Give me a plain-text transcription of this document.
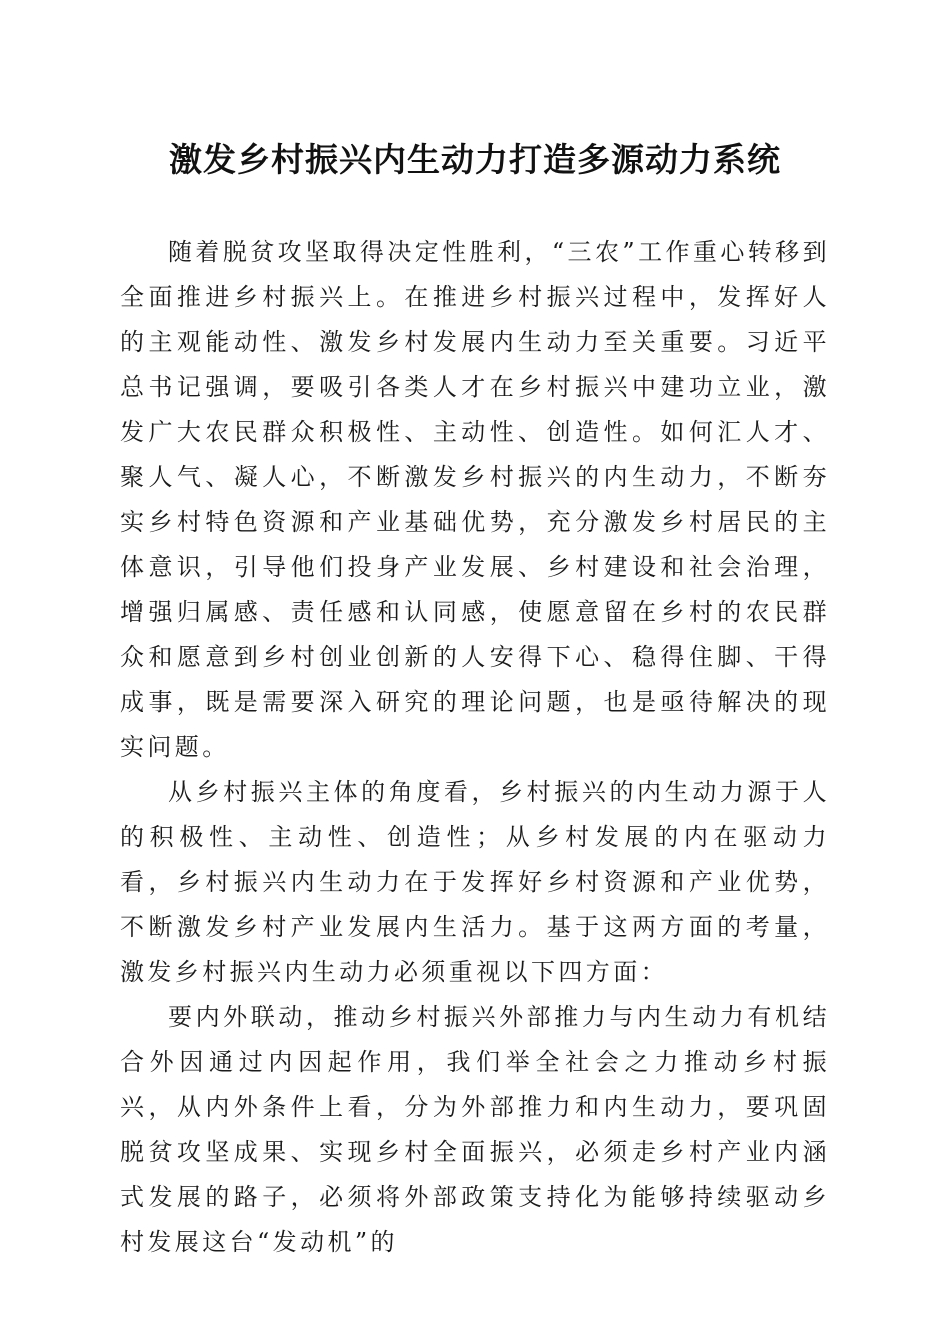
激发乡村振兴内生动力打造多源动力系统

随着脱贫攻坚取得决定性胜利，“三农”工作重心转移到全面推进乡村振兴上。在推进乡村振兴过程中，发挥好人的主观能动性、激发乡村发展内生动力至关重要。习近平总书记强调，要吸引各类人才在乡村振兴中建功立业，激发广大农民群众积极性、主动性、创造性。如何汇人才、聚人气、凝人心，不断激发乡村振兴的内生动力，不断夯实乡村特色资源和产业基础优势，充分激发乡村居民的主体意识，引导他们投身产业发展、乡村建设和社会治理，增强归属感、责任感和认同感，使愿意留在乡村的农民群众和愿意到乡村创业创新的人安得下心、稳得住脚、干得成事，既是需要深入研究的理论问题，也是亟待解决的现实问题。

从乡村振兴主体的角度看，乡村振兴的内生动力源于人的积极性、主动性、创造性；从乡村发展的内在驱动力看，乡村振兴内生动力在于发挥好乡村资源和产业优势，不断激发乡村产业发展内生活力。基于这两方面的考量，激发乡村振兴内生动力必须重视以下四方面：

要内外联动，推动乡村振兴外部推力与内生动力有机结合外因通过内因起作用，我们举全社会之力推动乡村振兴，从内外条件上看，分为外部推力和内生动力，要巩固脱贫攻坚成果、实现乡村全面振兴，必须走乡村产业内涵式发展的路子，必须将外部政策支持化为能够持续驱动乡村发展这台“发动机”的
